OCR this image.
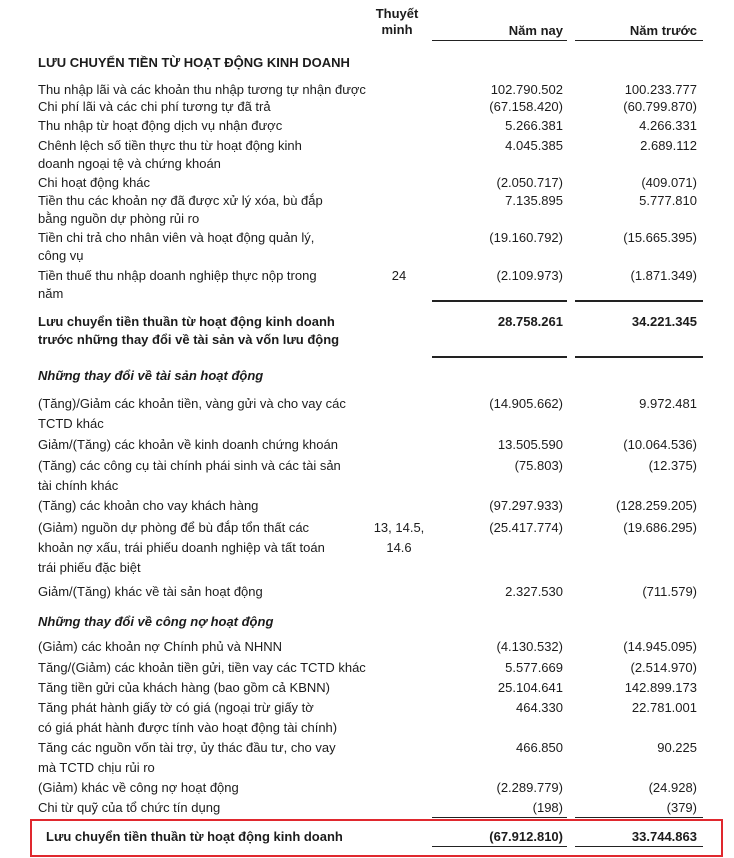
Thuyết
minh	Năm nay	Năm trước
LƯU CHUYỂN TIỀN TỪ HOẠT ĐỘNG KINH DOANH
Thu nhập lãi và các khoản thu nhập tương tự nhận được	102.790.502	100.233.777
Chi phí lãi và các chi phí tương tự đã trả	(67.158.420)	(60.799.870)
Thu nhập từ hoạt động dịch vụ nhận được	5.266.381	4.266.331
Chênh lệch số tiền thực thu từ hoạt động kinh
doanh ngoại tệ và chứng khoán
4.045.385	2.689.112
Chi hoạt động khác	(2.050.717)	(409.071)
Tiền thu các khoản nợ đã được xử lý xóa, bù đắp
bằng nguồn dự phòng rủi ro
7.135.895	5.777.810
Tiền chi trả cho nhân viên và hoạt động quản lý,
công vụ
(19.160.792)	(15.665.395)
Tiền thuế thu nhập doanh nghiệp thực nộp trong
năm
24	(2.109.973)	(1.871.349)
Lưu chuyển tiền thuần từ hoạt động kinh doanh
trước những thay đổi về tài sản và vốn lưu động
28.758.261	34.221.345
Những thay đổi về tài sản hoạt động
(Tăng)/Giảm các khoản tiền, vàng gửi và cho vay các
TCTD khác
(14.905.662)	9.972.481
Giảm/(Tăng) các khoản về kinh doanh chứng khoán	13.505.590	(10.064.536)
(Tăng) các công cụ tài chính phái sinh và các tài sản
tài chính khác
(75.803)	(12.375)
(Tăng) các khoản cho vay khách hàng	(97.297.933)	(128.259.205)
(Giảm) nguồn dự phòng để bù đắp tổn thất các
khoản nợ xấu, trái phiếu doanh nghiệp và tất toán
trái phiếu đặc biệt
13, 14.5,
14.6
(25.417.774)	(19.686.295)
Giảm/(Tăng) khác về tài sản hoạt động	2.327.530	(711.579)
Những thay đổi về công nợ hoạt động
(Giảm) các khoản nợ Chính phủ và NHNN	(4.130.532)	(14.945.095)
Tăng/(Giảm) các khoản tiền gửi, tiền vay các TCTD khác	5.577.669	(2.514.970)
Tăng tiền gửi của khách hàng (bao gồm cả KBNN)	25.104.641	142.899.173
Tăng phát hành giấy tờ có giá (ngoại trừ giấy tờ
có giá phát hành được tính vào hoạt động tài chính)
464.330	22.781.001
Tăng các nguồn vốn tài trợ, ủy thác đầu tư, cho vay
mà TCTD chịu rủi ro
466.850	90.225
(Giảm) khác về công nợ hoạt động	(2.289.779)	(24.928)
Chi từ quỹ của tổ chức tín dụng	(198)	(379)
Lưu chuyển tiền thuần từ hoạt động kinh doanh	(67.912.810)	33.744.863
